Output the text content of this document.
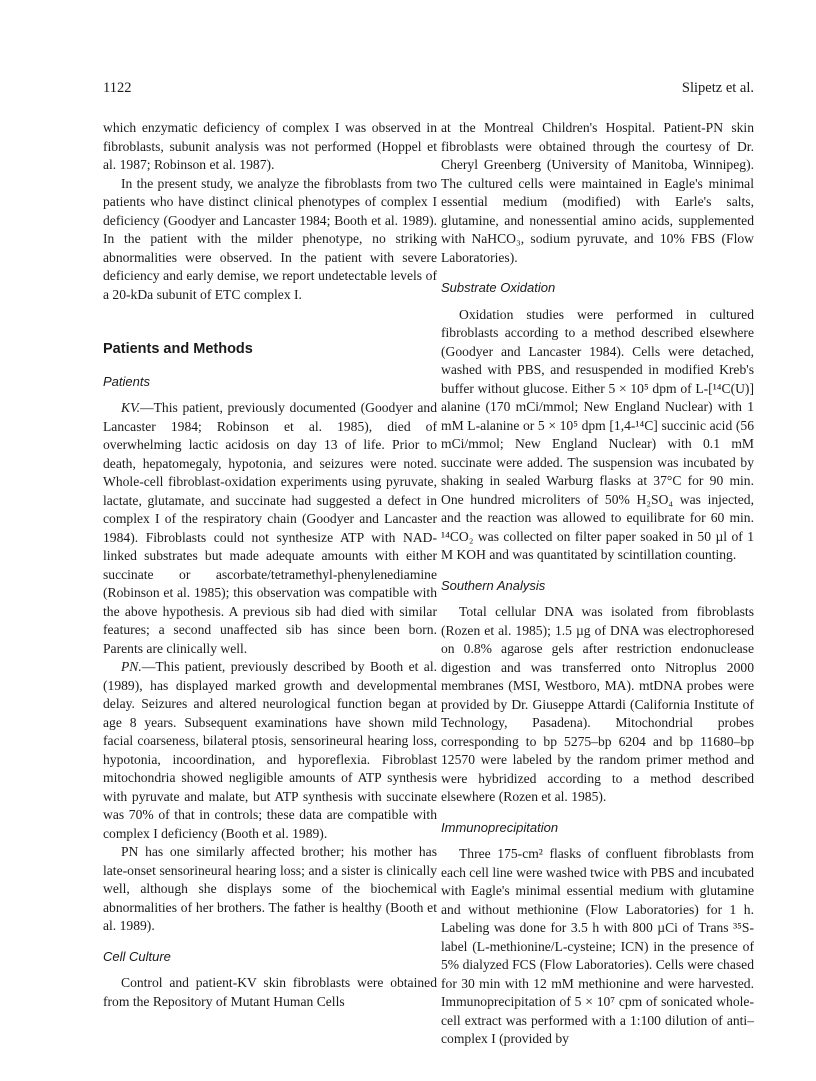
1122	Slipetz et al.

which enzymatic deficiency of complex I was observed in fibroblasts, subunit analysis was not performed (Hoppel et al. 1987; Robinson et al. 1987).

In the present study, we analyze the fibroblasts from two patients who have distinct clinical phenotypes of complex I deficiency (Goodyer and Lancaster 1984; Booth et al. 1989). In the patient with the milder phenotype, no striking abnormalities were observed. In the patient with severe deficiency and early demise, we report undetectable levels of a 20-kDa subunit of ETC complex I.

Patients and Methods
Patients

KV.—This patient, previously documented (Goodyer and Lancaster 1984; Robinson et al. 1985), died of overwhelming lactic acidosis on day 13 of life. Prior to death, hepatomegaly, hypotonia, and seizures were noted. Whole-cell fibroblast-oxidation experiments using pyruvate, lactate, glutamate, and succinate had suggested a defect in complex I of the respiratory chain (Goodyer and Lancaster 1984). Fibroblasts could not synthesize ATP with NAD-linked substrates but made adequate amounts with either succinate or ascorbate/tetramethyl-phenylenediamine (Robinson et al. 1985); this observation was compatible with the above hypothesis. A previous sib had died with similar features; a second unaffected sib has since been born. Parents are clinically well.

PN.—This patient, previously described by Booth et al. (1989), has displayed marked growth and developmental delay. Seizures and altered neurological function began at age 8 years. Subsequent examinations have shown mild facial coarseness, bilateral ptosis, sensorineural hearing loss, hypotonia, incoordination, and hyporeflexia. Fibroblast mitochondria showed negligible amounts of ATP synthesis with pyruvate and malate, but ATP synthesis with succinate was 70% of that in controls; these data are compatible with complex I deficiency (Booth et al. 1989).

PN has one similarly affected brother; his mother has late-onset sensorineural hearing loss; and a sister is clinically well, although she displays some of the biochemical abnormalities of her brothers. The father is healthy (Booth et al. 1989).

Cell Culture

Control and patient-KV skin fibroblasts were obtained from the Repository of Mutant Human Cells

at the Montreal Children's Hospital. Patient-PN skin fibroblasts were obtained through the courtesy of Dr. Cheryl Greenberg (University of Manitoba, Winnipeg). The cultured cells were maintained in Eagle's minimal essential medium (modified) with Earle's salts, glutamine, and nonessential amino acids, supplemented with NaHCO₃, sodium pyruvate, and 10% FBS (Flow Laboratories).

Substrate Oxidation

Oxidation studies were performed in cultured fibroblasts according to a method described elsewhere (Goodyer and Lancaster 1984). Cells were detached, washed with PBS, and resuspended in modified Kreb's buffer without glucose. Either 5 × 10⁵ dpm of L-[¹⁴C(U)] alanine (170 mCi/mmol; New England Nuclear) with 1 mM L-alanine or 5 × 10⁵ dpm [1,4-¹⁴C] succinic acid (56 mCi/mmol; New England Nuclear) with 0.1 mM succinate were added. The suspension was incubated by shaking in sealed Warburg flasks at 37°C for 90 min. One hundred microliters of 50% H₂SO₄ was injected, and the reaction was allowed to equilibrate for 60 min. ¹⁴CO₂ was collected on filter paper soaked in 50 µl of 1 M KOH and was quantitated by scintillation counting.

Southern Analysis

Total cellular DNA was isolated from fibroblasts (Rozen et al. 1985); 1.5 µg of DNA was electrophoresed on 0.8% agarose gels after restriction endonuclease digestion and was transferred onto Nitroplus 2000 membranes (MSI, Westboro, MA). mtDNA probes were provided by Dr. Giuseppe Attardi (California Institute of Technology, Pasadena). Mitochondrial probes corresponding to bp 5275–bp 6204 and bp 11680–bp 12570 were labeled by the random primer method and were hybridized according to a method described elsewhere (Rozen et al. 1985).

Immunoprecipitation

Three 175-cm² flasks of confluent fibroblasts from each cell line were washed twice with PBS and incubated with Eagle's minimal essential medium with glutamine and without methionine (Flow Laboratories) for 1 h. Labeling was done for 3.5 h with 800 µCi of Trans ³⁵S-label (L-methionine/L-cysteine; ICN) in the presence of 5% dialyzed FCS (Flow Laboratories). Cells were chased for 30 min with 12 mM methionine and were harvested. Immunoprecipitation of 5 × 10⁷ cpm of sonicated whole-cell extract was performed with a 1:100 dilution of anti–complex I (provided by
